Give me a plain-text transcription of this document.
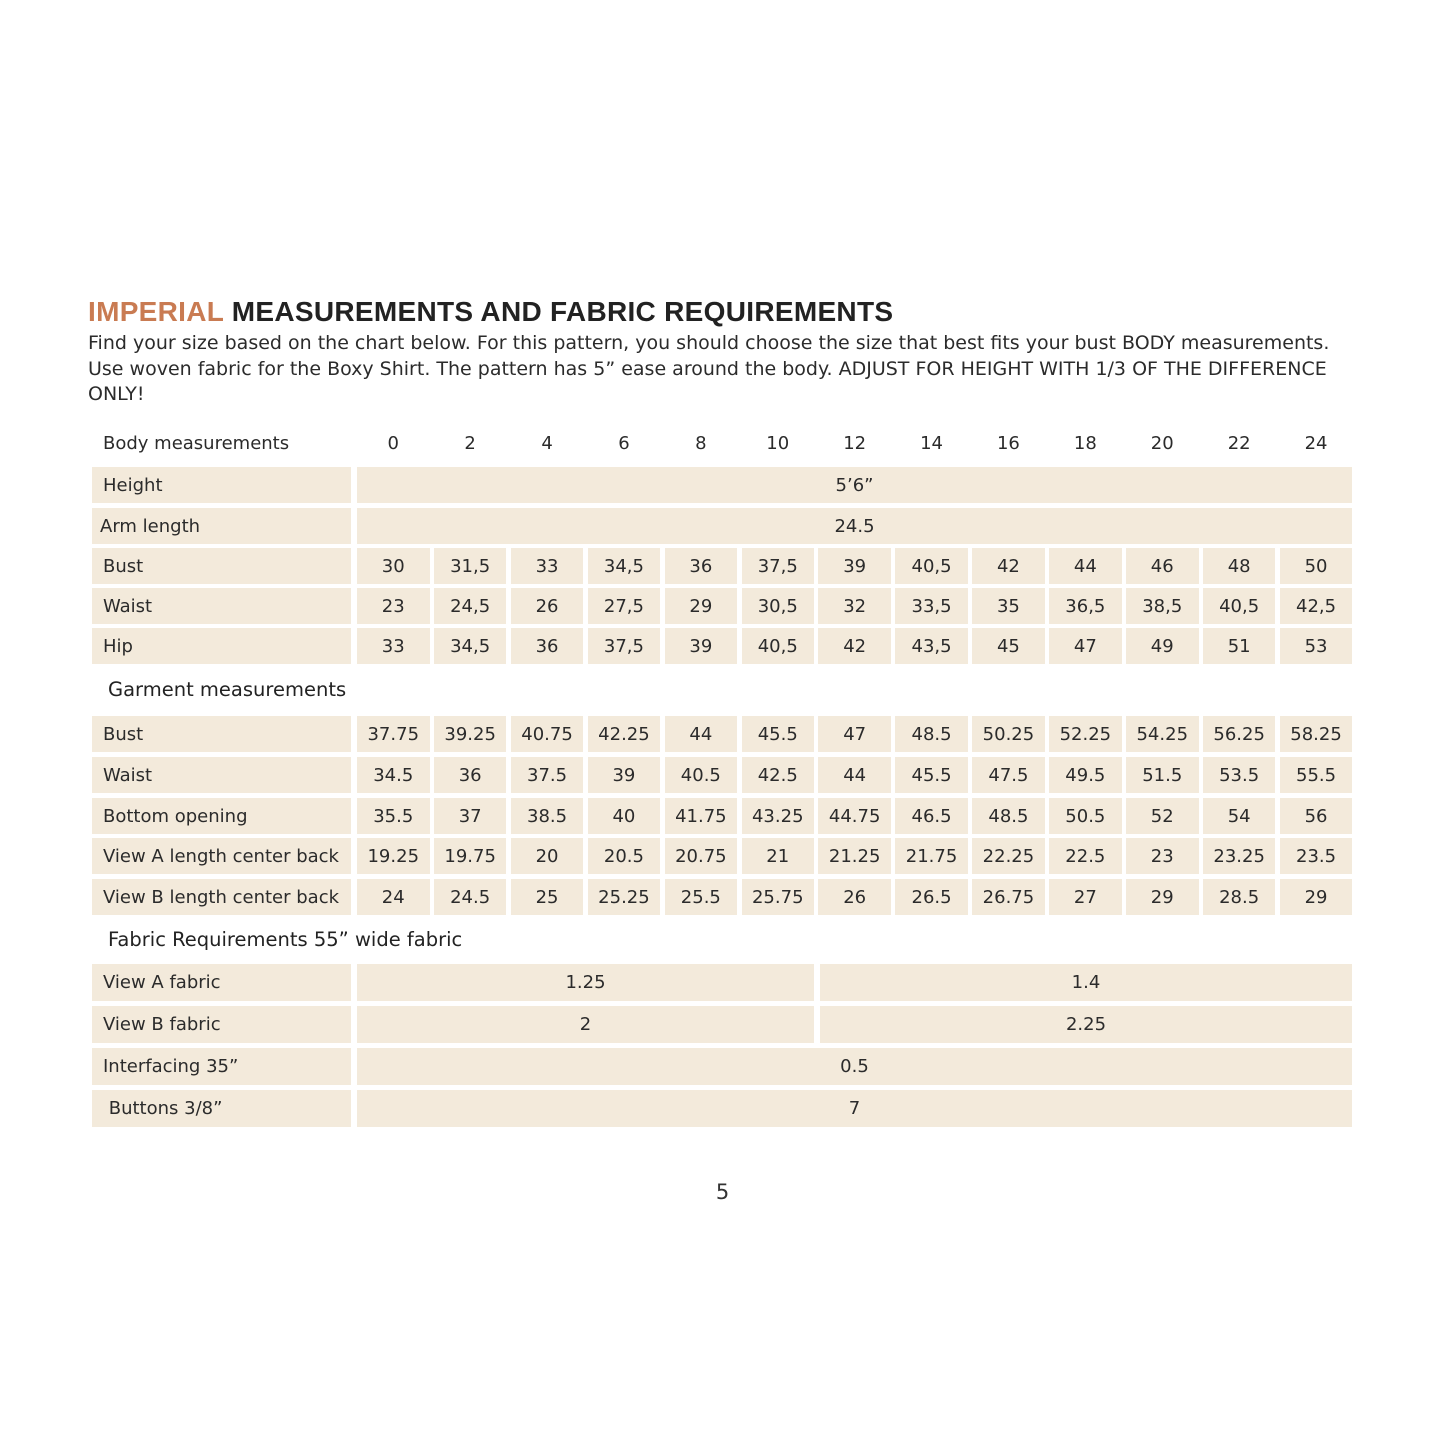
IMPERIAL MEASUREMENTS AND FABRIC REQUIREMENTS
Find your size based on the chart below. For this pattern, you should choose the size that best fits your bust BODY measurements. Use woven fabric for the Boxy Shirt. The pattern has 5” ease around the body. ADJUST FOR HEIGHT WITH 1/3 OF THE DIFFERENCE ONLY!
Body measurements	0	2	4	6	8	10	12	14	16	18	20	22	24
Height	5’6”
Arm length	24.5
Bust	30	31,5	33	34,5	36	37,5	39	40,5	42	44	46	48	50
Waist	23	24,5	26	27,5	29	30,5	32	33,5	35	36,5	38,5	40,5	42,5
Hip	33	34,5	36	37,5	39	40,5	42	43,5	45	47	49	51	53
Garment measurements
Bust	37.75	39.25	40.75	42.25	44	45.5	47	48.5	50.25	52.25	54.25	56.25	58.25
Waist	34.5	36	37.5	39	40.5	42.5	44	45.5	47.5	49.5	51.5	53.5	55.5
Bottom opening	35.5	37	38.5	40	41.75	43.25	44.75	46.5	48.5	50.5	52	54	56
View A length center back	19.25	19.75	20	20.5	20.75	21	21.25	21.75	22.25	22.5	23	23.25	23.5
View B length center back	24	24.5	25	25.25	25.5	25.75	26	26.5	26.75	27	29	28.5	29
Fabric Requirements 55” wide fabric
View A fabric	1.25	1.4
View B fabric	2	2.25
Interfacing 35”	0.5
Buttons 3/8”	7
5
